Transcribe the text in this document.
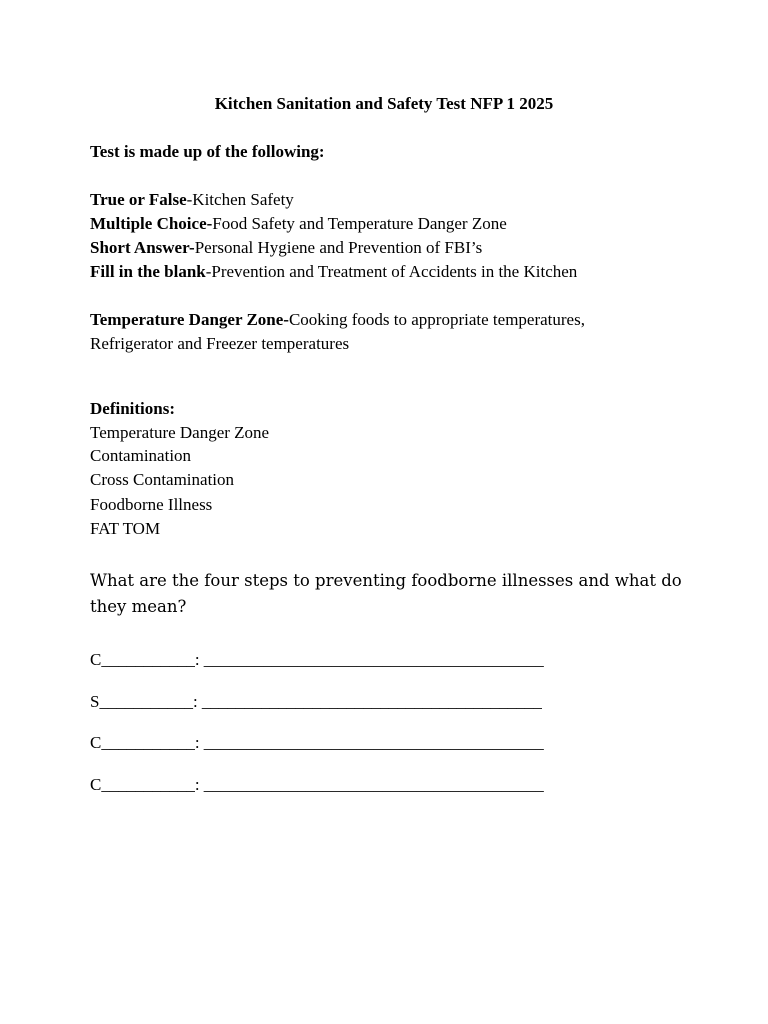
Kitchen Sanitation and Safety Test NFP 1 2025
Test is made up of the following:
True or False-Kitchen Safety
Multiple Choice-Food Safety and Temperature Danger Zone
Short Answer-Personal Hygiene and Prevention of FBI’s
Fill in the blank-Prevention and Treatment of Accidents in the Kitchen
Temperature Danger Zone-Cooking foods to appropriate temperatures,
Refrigerator and Freezer temperatures
Definitions:
Temperature Danger Zone
Contamination
Cross Contamination
Foodborne Illness
FAT TOM
What are the four steps to preventing foodborne illnesses and what do they mean?
C___________: ________________________________________
S___________: ________________________________________
C___________: ________________________________________
C___________: ________________________________________
